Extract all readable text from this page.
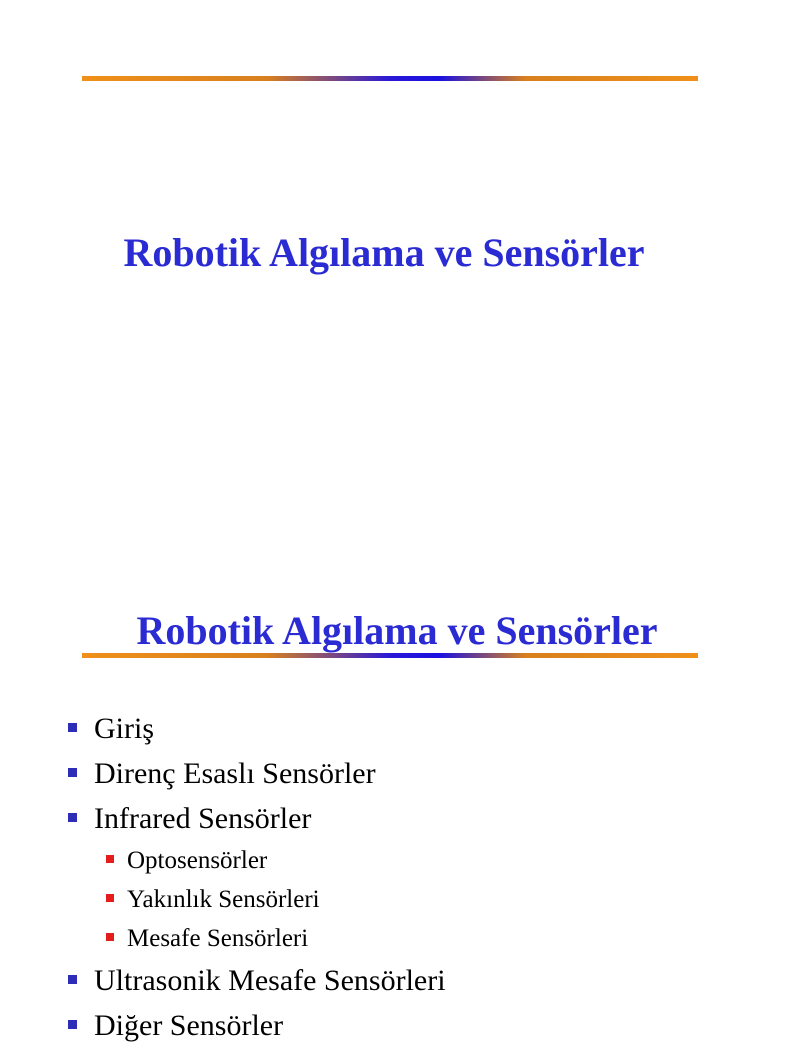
Robotik Algılama ve Sensörler
Robotik Algılama ve Sensörler
Giriş
Direnç Esaslı Sensörler
Infrared Sensörler
Optosensörler
Yakınlık Sensörleri
Mesafe Sensörleri
Ultrasonik Mesafe Sensörleri
Diğer Sensörler
